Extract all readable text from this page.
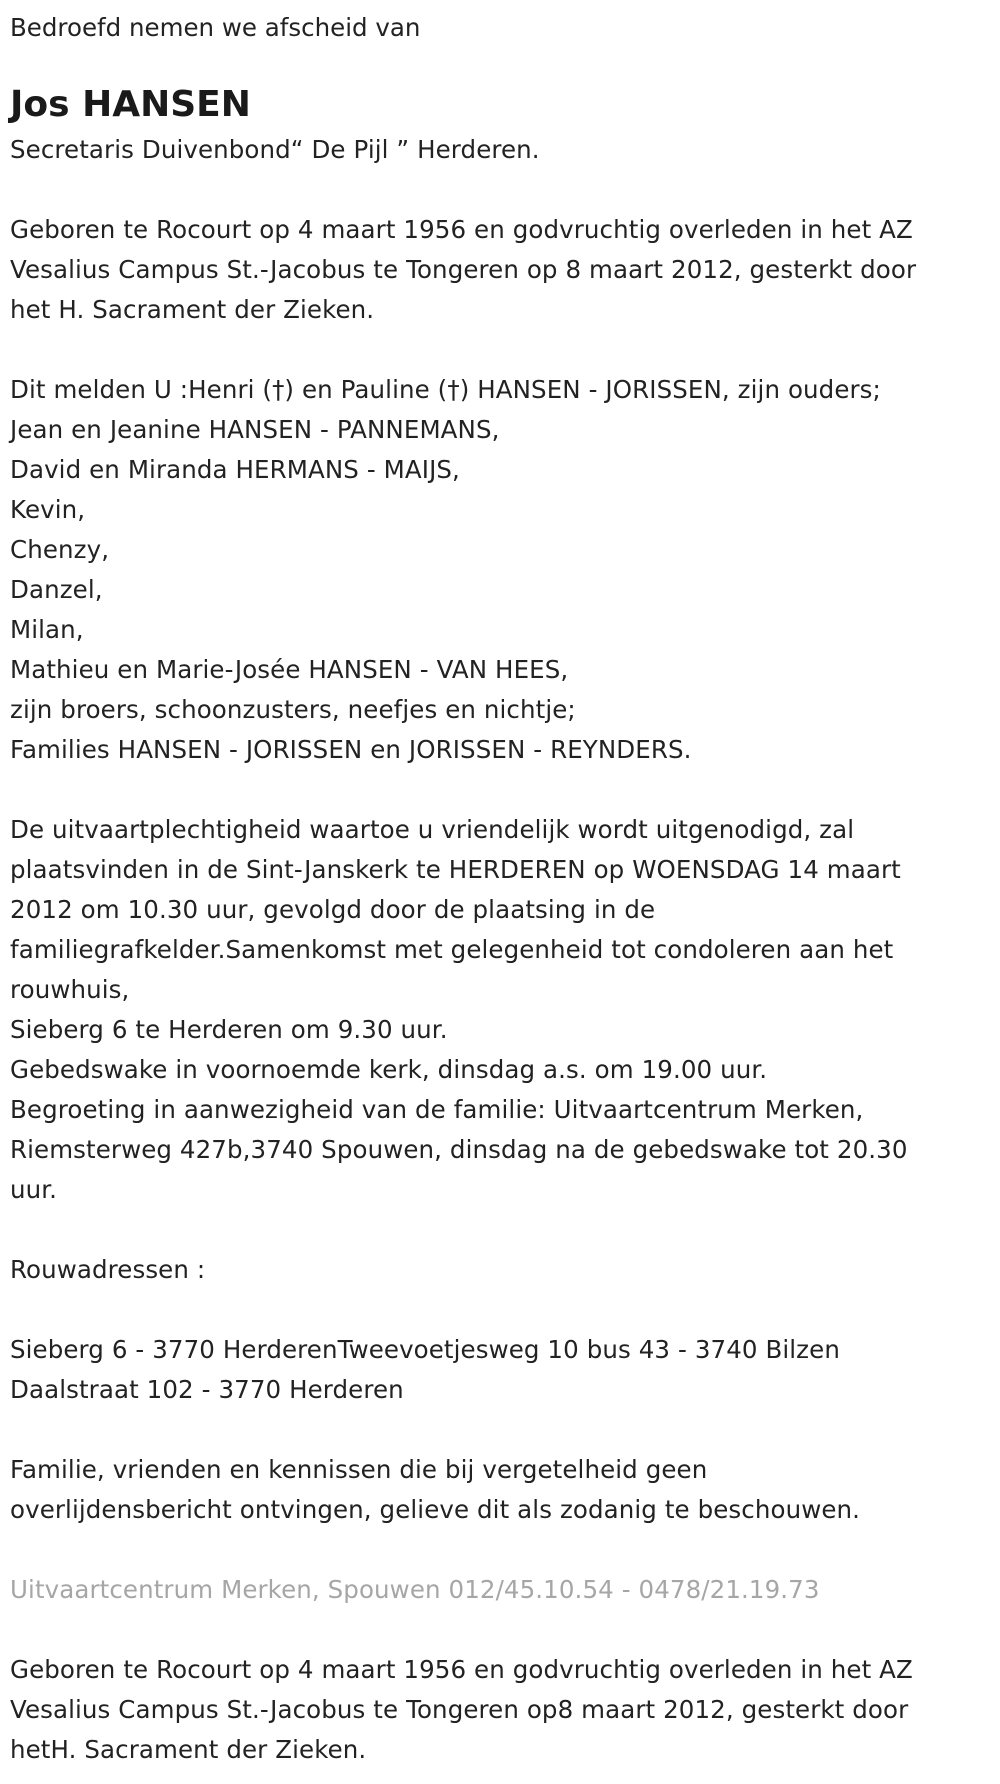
Bedroefd nemen we afscheid van
Jos HANSEN
Secretaris Duivenbond“ De Pijl ” Herderen.
Geboren te Rocourt op 4 maart 1956 en godvruchtig overleden in het AZ
Vesalius Campus St.-Jacobus te Tongeren op 8 maart 2012, gesterkt door
het H. Sacrament der Zieken.
Dit melden U :Henri (†) en Pauline (†) HANSEN - JORISSEN, zijn ouders;
Jean en Jeanine HANSEN - PANNEMANS,
David en Miranda HERMANS - MAIJS,
Kevin,
Chenzy,
Danzel,
Milan,
Mathieu en Marie-Josée HANSEN - VAN HEES,
zijn broers, schoonzusters, neefjes en nichtje;
Families HANSEN - JORISSEN en JORISSEN - REYNDERS.
De uitvaartplechtigheid waartoe u vriendelijk wordt uitgenodigd, zal
plaatsvinden in de Sint-Janskerk te HERDEREN op WOENSDAG 14 maart
2012 om 10.30 uur, gevolgd door de plaatsing in de
familiegrafkelder.Samenkomst met gelegenheid tot condoleren aan het
rouwhuis,
Sieberg 6 te Herderen om 9.30 uur.
Gebedswake in voornoemde kerk, dinsdag a.s. om 19.00 uur.
Begroeting in aanwezigheid van de familie: Uitvaartcentrum Merken,
Riemsterweg 427b,3740 Spouwen, dinsdag na de gebedswake tot 20.30
uur.
Rouwadressen :
Sieberg 6 - 3770 HerderenTweevoetjesweg 10 bus 43 - 3740 Bilzen
Daalstraat 102 - 3770 Herderen
Familie, vrienden en kennissen die bij vergetelheid geen
overlijdensbericht ontvingen, gelieve dit als zodanig te beschouwen.
Uitvaartcentrum Merken, Spouwen 012/45.10.54 - 0478/21.19.73
Geboren te Rocourt op 4 maart 1956 en godvruchtig overleden in het AZ
Vesalius Campus St.-Jacobus te Tongeren op8 maart 2012, gesterkt door
hetH. Sacrament der Zieken.
